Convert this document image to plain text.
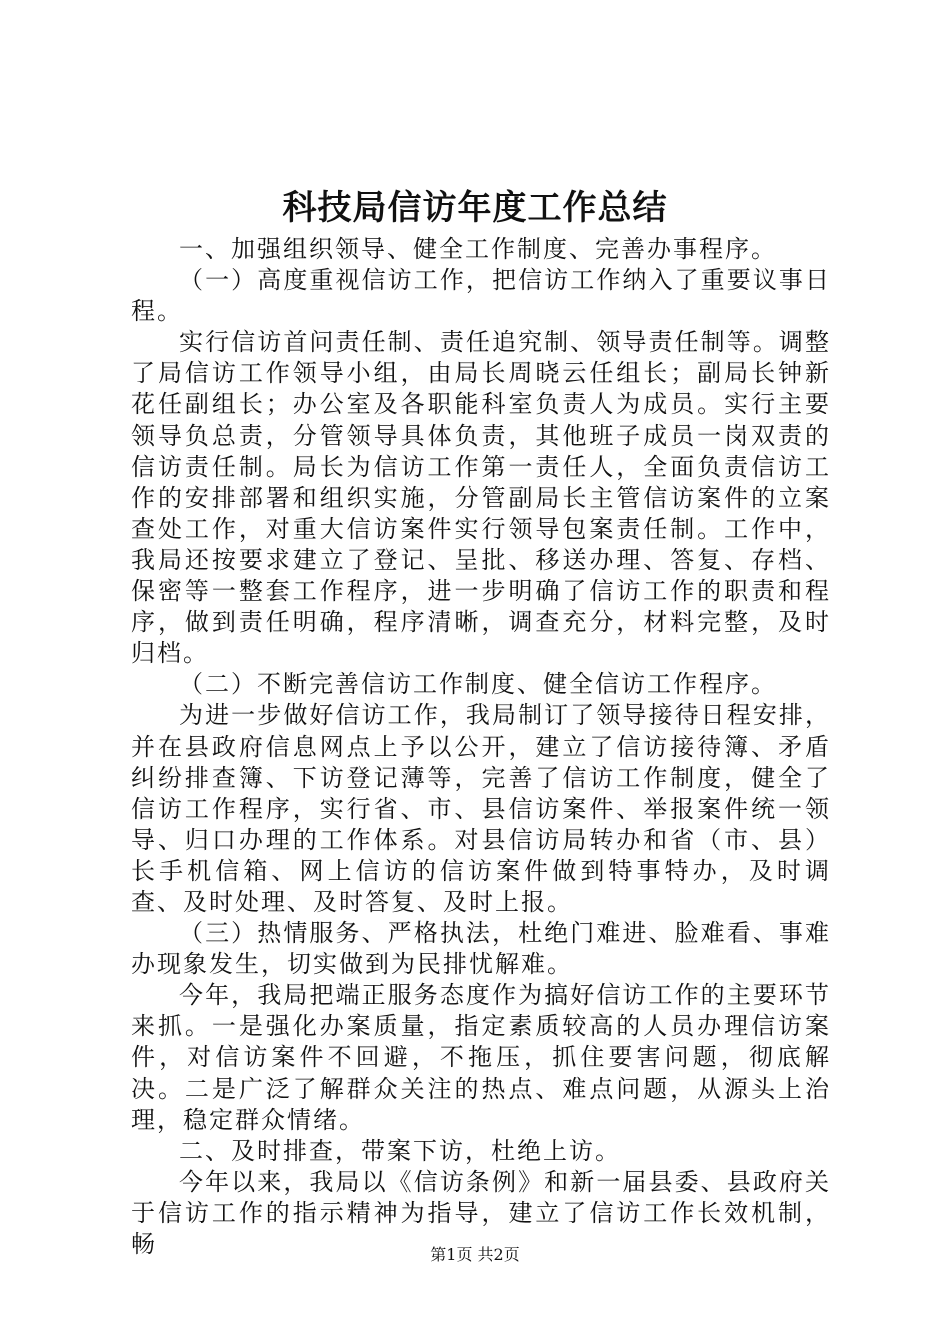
科技局信访年度工作总结

一、加强组织领导、健全工作制度、完善办事程序。

（一）高度重视信访工作，把信访工作纳入了重要议事日程。

实行信访首问责任制、责任追究制、领导责任制等。调整了局信访工作领导小组，由局长周晓云任组长；副局长钟新花任副组长；办公室及各职能科室负责人为成员。实行主要领导负总责，分管领导具体负责，其他班子成员一岗双责的信访责任制。局长为信访工作第一责任人，全面负责信访工作的安排部署和组织实施，分管副局长主管信访案件的立案查处工作，对重大信访案件实行领导包案责任制。工作中，我局还按要求建立了登记、呈批、移送办理、答复、存档、保密等一整套工作程序，进一步明确了信访工作的职责和程序，做到责任明确，程序清晰，调查充分，材料完整，及时归档。

（二）不断完善信访工作制度、健全信访工作程序。

为进一步做好信访工作，我局制订了领导接待日程安排，并在县政府信息网点上予以公开，建立了信访接待簿、矛盾纠纷排查簿、下访登记薄等，完善了信访工作制度，健全了信访工作程序，实行省、市、县信访案件、举报案件统一领导、归口办理的工作体系。对县信访局转办和省（市、县）长手机信箱、网上信访的信访案件做到特事特办，及时调查、及时处理、及时答复、及时上报。

（三）热情服务、严格执法，杜绝门难进、脸难看、事难办现象发生，切实做到为民排忧解难。

今年，我局把端正服务态度作为搞好信访工作的主要环节来抓。一是强化办案质量，指定素质较高的人员办理信访案件，对信访案件不回避，不拖压，抓住要害问题，彻底解决。二是广泛了解群众关注的热点、难点问题，从源头上治理，稳定群众情绪。

二、及时排查，带案下访，杜绝上访。

今年以来，我局以《信访条例》和新一届县委、县政府关于信访工作的指示精神为指导，建立了信访工作长效机制，畅	第1页 共2页
